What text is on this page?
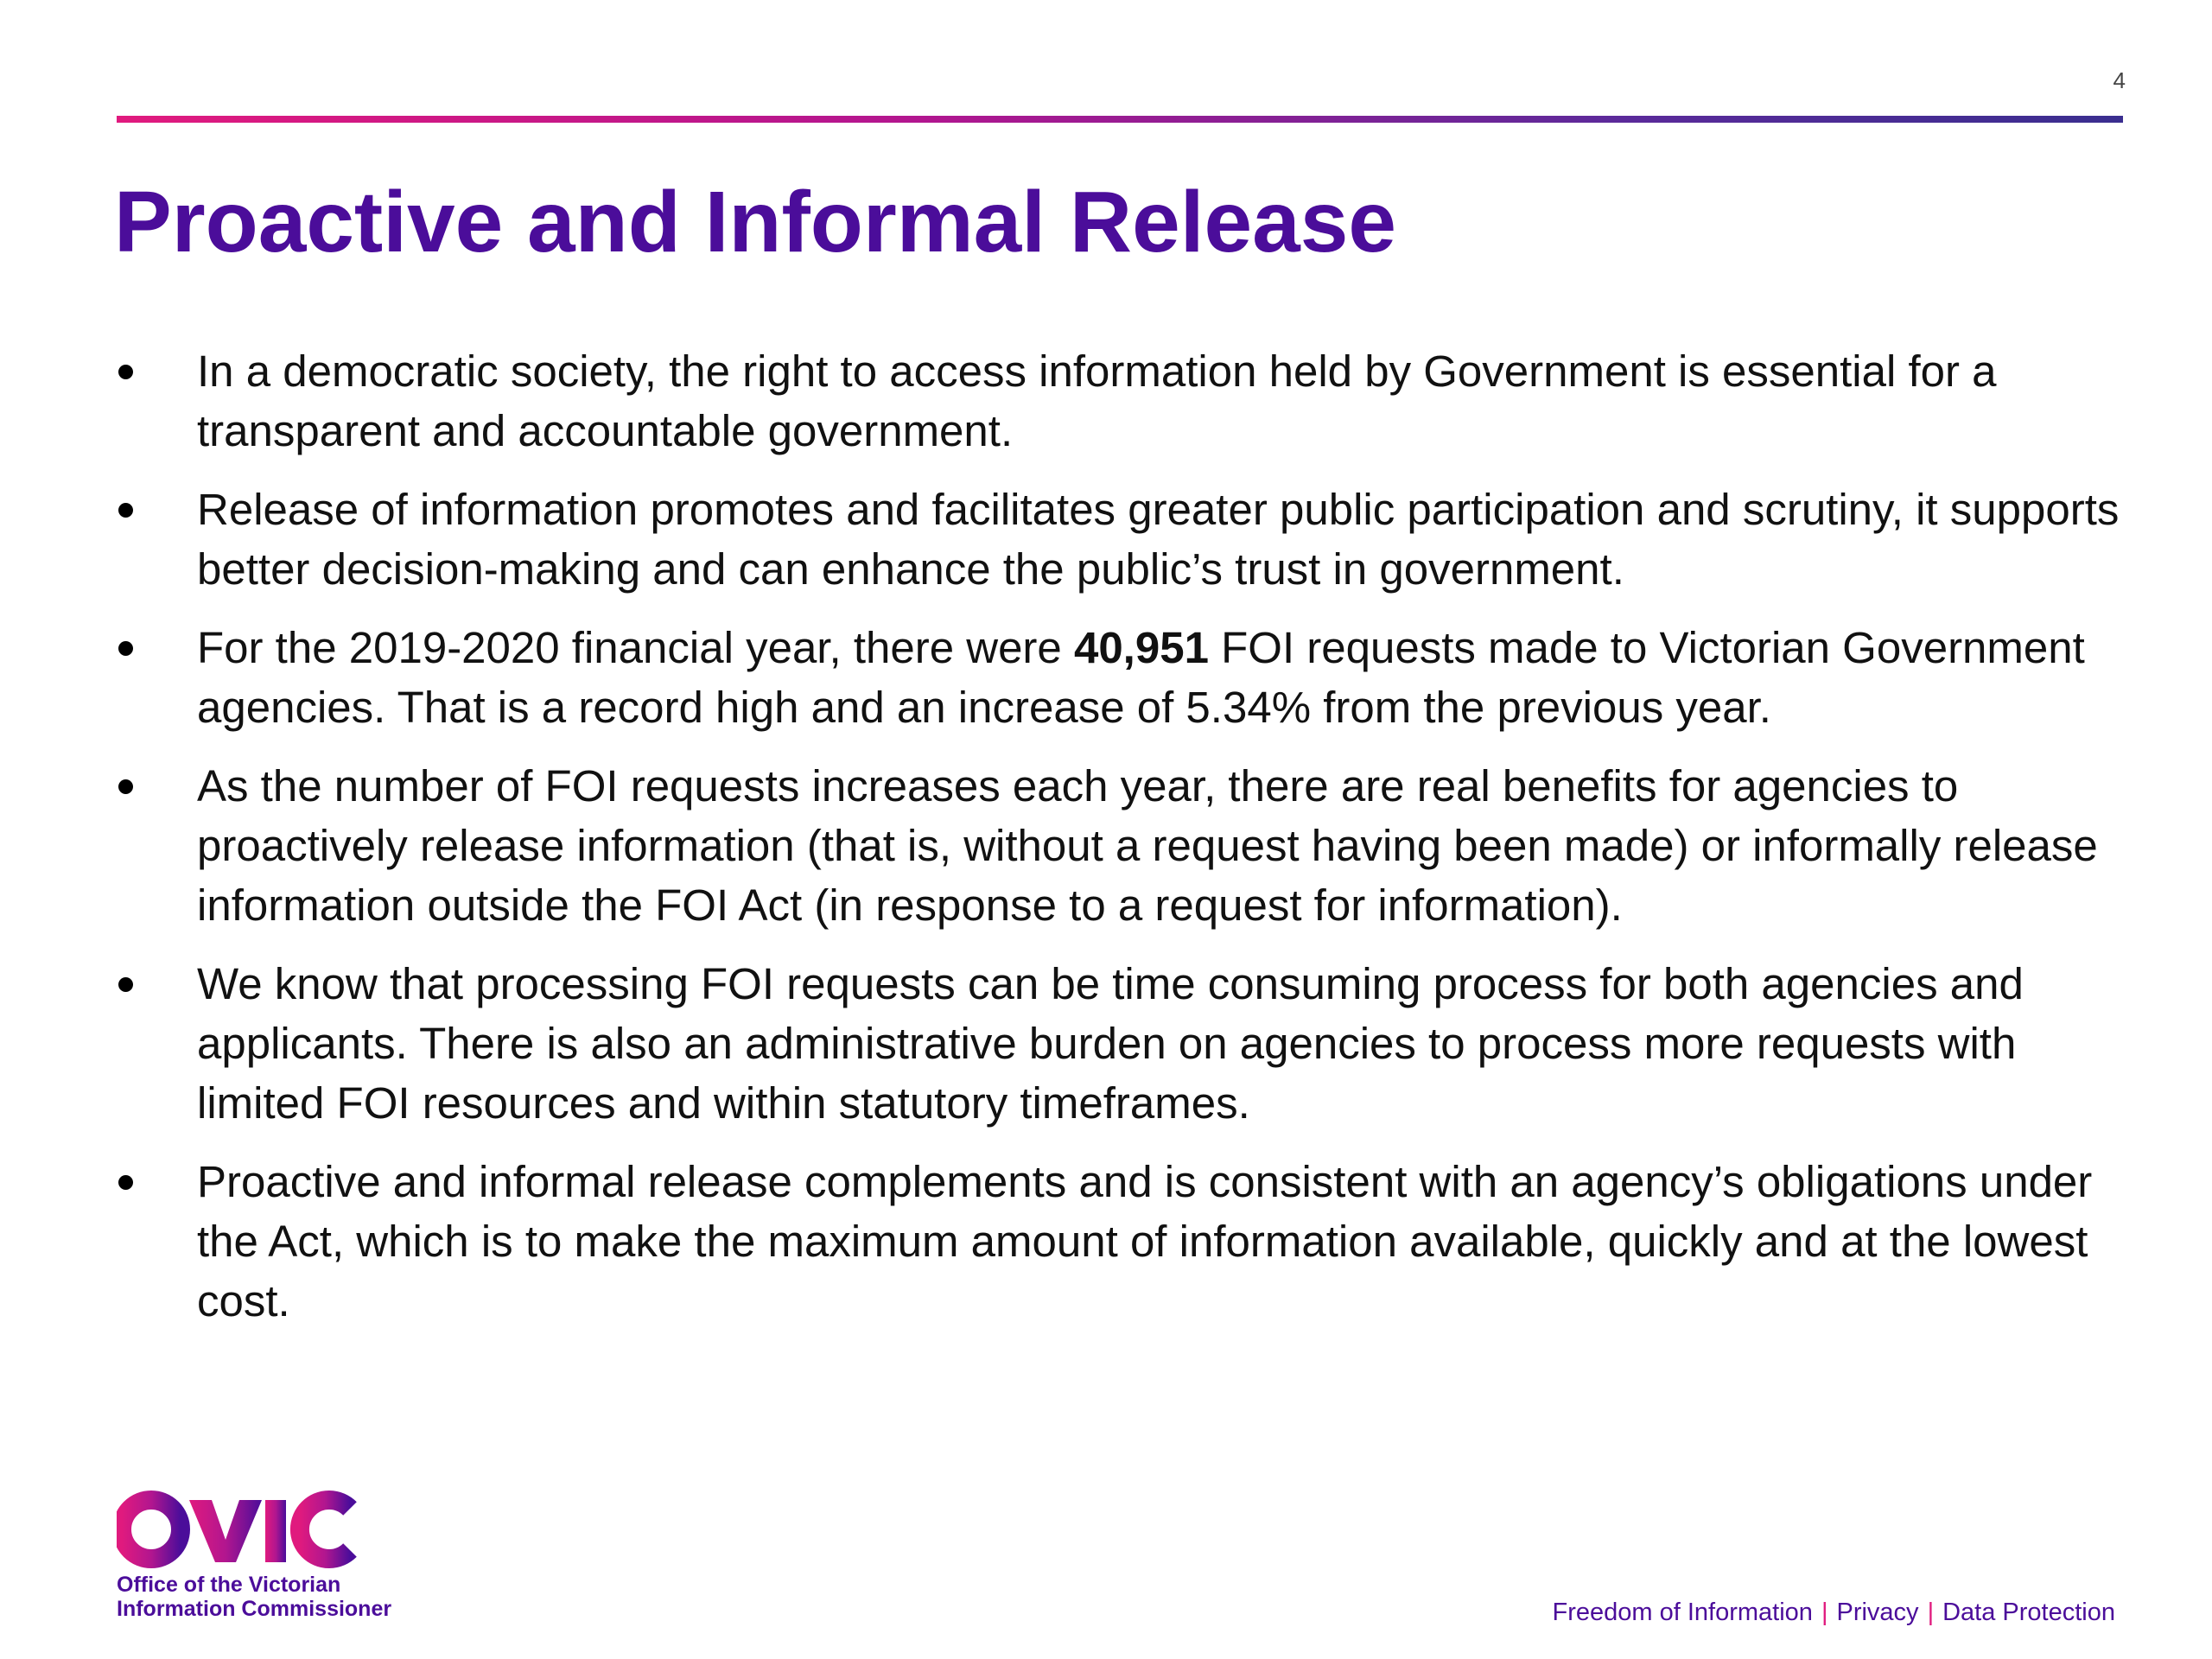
4
Proactive and Informal Release
In a democratic society, the right to access information held by Government is essential for a transparent and accountable government.
Release of information promotes and facilitates greater public participation and scrutiny, it supports better decision-making and can enhance the public’s trust in government.
For the 2019-2020 financial year, there were 40,951 FOI requests made to Victorian Government agencies. That is a record high and an increase of 5.34% from the previous year.
As the number of FOI requests increases each year, there are real benefits for agencies to proactively release information (that is, without a request having been made) or informally release information outside the FOI Act (in response to a request for information).
We know that processing FOI requests can be time consuming process for both agencies and applicants. There is also an administrative burden on agencies to process more requests with limited FOI resources and within statutory timeframes.
Proactive and informal release complements and is consistent with an agency’s obligations under the Act, which is to make the maximum amount of information available, quickly and at the lowest cost.
OVIC
Office of the Victorian
Information Commissioner	Freedom of Information | Privacy | Data Protection
